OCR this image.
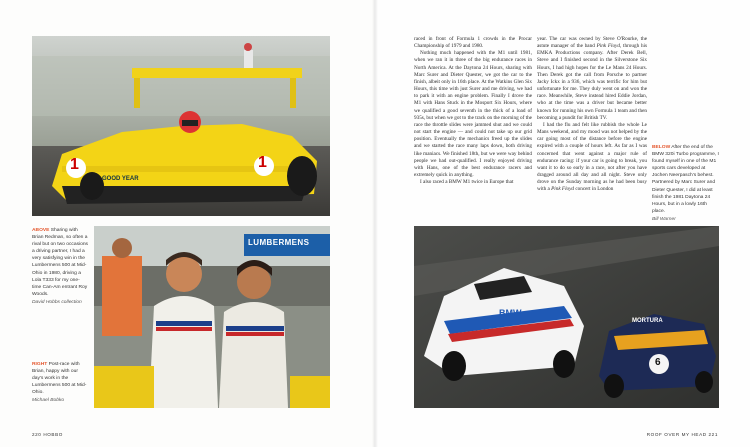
1	1
GOOD YEAR
LUMBERMENS
BMW
MORTURA
6
ABOVE Sharing with Brian Redman, so often a rival but on two occasions a driving partner, I had a very satisfying win in the Lumbermens 500 at Mid-Ohio in 1980, driving a Lola T333 for my one-time Can-Am entrant Roy Woods.
David Hobbs collection
RIGHT Post-race with Brian, happy with our day's work in the Lumbermens 500 at Mid-Ohio.
Michael Bobko
BELOW After the end of the BMW 320i Turbo programme, I found myself in one of the M1 sports cars developed at Jochen Neerpasch's behest. Partnered by Marc Surer and Dieter Quester, I did at least finish the 1981 Daytona 24 Hours, but in a lowly 16th place.
Bill Warner

raced in front of Formula 1 crowds in the Procar Championship of 1979 and 1980.

Nothing much happened with the M1 until 1981, when we ran it in three of the big endurance races in North America. At the Daytona 24 Hours, sharing with Marc Surer and Dieter Quester, we got the car to the finish, albeit only in 16th place. At the Watkins Glen Six Hours, this time with just Surer and me driving, we had to park it with an engine problem. Finally I drove the M1 with Hans Stuck in the Mosport Six Hours, where we qualified a good seventh in the thick of a load of 935s, but when we got to the track on the morning of the race the throttle slides were jammed shut and we could not start the engine — and could not take up our grid position. Eventually the mechanics freed up the slides and we started the race many laps down, both driving like maniacs. We finished 18th, but we were way behind people we had out-qualified. I really enjoyed driving with Hans, one of the best endurance racers and extremely quick in anything.

I also raced a BMW M1 twice in Europe that

year. The car was owned by Steve O'Rourke, the astute manager of the band Pink Floyd, through his EMKA Productions company. After Derek Bell, Steve and I finished second in the Silverstone Six Hours, I had high hopes for the Le Mans 24 Hours. Then Derek got the call from Porsche to partner Jacky Ickx in a 936, which was terrific for him but unfortunate for me. They duly went on and won the race. Meanwhile, Steve instead hired Eddie Jordan, who at the time was a driver but became better known for running his own Formula 1 team and then becoming a pundit for British TV.

I had the flu and felt like rubbish the whole Le Mans weekend, and my mood was not helped by the car going most of the distance before the engine expired with a couple of hours left. As far as I was concerned that went against a major rule of endurance racing: if your car is going to break, you want it to do so early in a race, not after you have dragged around all day and all night. Steve only drove on the Sunday morning as he had been busy with a Pink Floyd concert in London

220 HOBBO	ROOF OVER MY HEAD 221
